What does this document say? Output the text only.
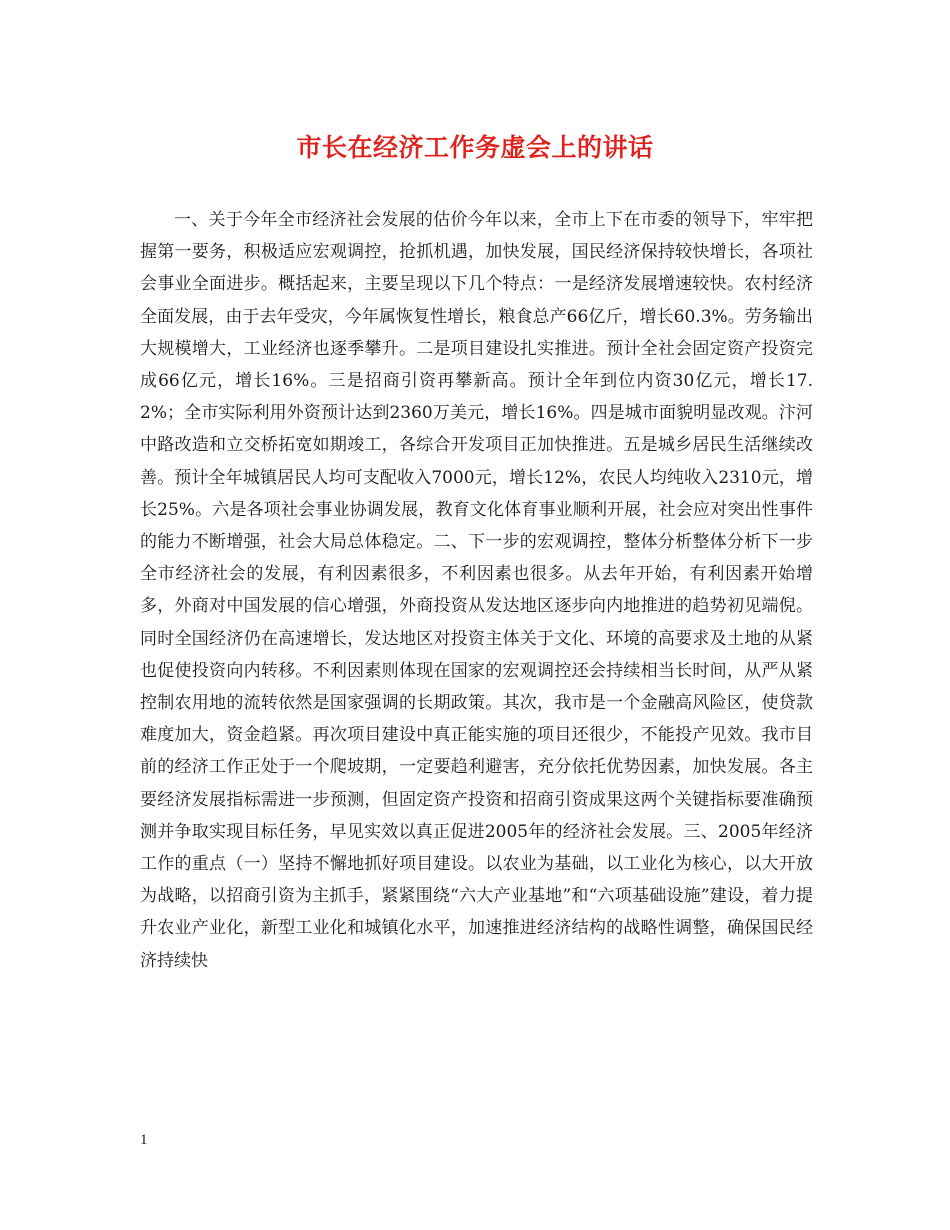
市长在经济工作务虚会上的讲话

一、关于今年全市经济社会发展的估价今年以来，全市上下在市委的领导下，牢牢把握第一要务，积极适应宏观调控，抢抓机遇，加快发展，国民经济保持较快增长，各项社会事业全面进步。概括起来，主要呈现以下几个特点：一是经济发展增速较快。农村经济全面发展，由于去年受灾，今年属恢复性增长，粮食总产66亿斤，增长60.3%。劳务输出大规模增大，工业经济也逐季攀升。二是项目建设扎实推进。预计全社会固定资产投资完成66亿元，增长16%。三是招商引资再攀新高。预计全年到位内资30亿元，增长17.2%；全市实际利用外资预计达到2360万美元，增长16%。四是城市面貌明显改观。汴河中路改造和立交桥拓宽如期竣工，各综合开发项目正加快推进。五是城乡居民生活继续改善。预计全年城镇居民人均可支配收入7000元，增长12%，农民人均纯收入2310元，增长25%。六是各项社会事业协调发展，教育文化体育事业顺利开展，社会应对突出性事件的能力不断增强，社会大局总体稳定。二、下一步的宏观调控，整体分析整体分析下一步全市经济社会的发展，有利因素很多，不利因素也很多。从去年开始，有利因素开始增多，外商对中国发展的信心增强，外商投资从发达地区逐步向内地推进的趋势初见端倪。同时全国经济仍在高速增长，发达地区对投资主体关于文化、环境的高要求及土地的从紧也促使投资向内转移。不利因素则体现在国家的宏观调控还会持续相当长时间，从严从紧控制农用地的流转依然是国家强调的长期政策。其次，我市是一个金融高风险区，使贷款难度加大，资金趋紧。再次项目建设中真正能实施的项目还很少，不能投产见效。我市目前的经济工作正处于一个爬坡期，一定要趋利避害，充分依托优势因素，加快发展。各主要经济发展指标需进一步预测，但固定资产投资和招商引资成果这两个关键指标要准确预测并争取实现目标任务，早见实效以真正促进2005年的经济社会发展。三、2005年经济工作的重点（一）坚持不懈地抓好项目建设。以农业为基础，以工业化为核心，以大开放为战略，以招商引资为主抓手，紧紧围绕“六大产业基地”和“六项基础设施”建设，着力提升农业产业化，新型工业化和城镇化水平，加速推进经济结构的战略性调整，确保国民经济持续快

1
